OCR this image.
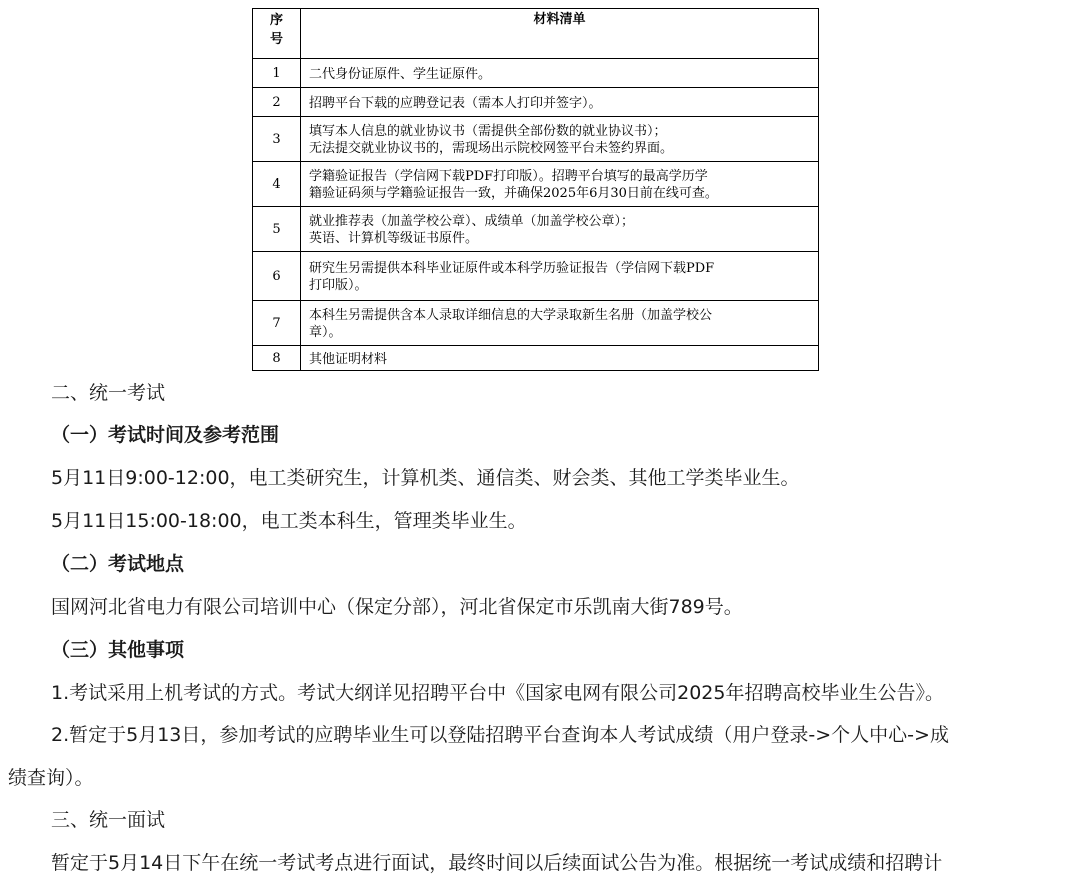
序
号	材料清单
1	二代身份证原件、学生证原件。

2	招聘平台下载的应聘登记表（需本人打印并签字）。

3	填写本人信息的就业协议书（需提供全部份数的就业协议书）；
无法提交就业协议书的，需现场出示院校网签平台未签约界面。

4	学籍验证报告（学信网下载PDF打印版）。招聘平台填写的最高学历学
籍验证码须与学籍验证报告一致，并确保2025年6月30日前在线可查。

5	就业推荐表（加盖学校公章）、成绩单（加盖学校公章）；
英语、计算机等级证书原件。

6	研究生另需提供本科毕业证原件或本科学历验证报告（学信网下载PDF
打印版）。

7	本科生另需提供含本人录取详细信息的大学录取新生名册（加盖学校公
章）。

8	其他证明材料

二、统一考试

（一）考试时间及参考范围

5月11日9:00-12:00，电工类研究生，计算机类、通信类、财会类、其他工学类毕业生。

5月11日15:00-18:00，电工类本科生，管理类毕业生。

（二）考试地点

国网河北省电力有限公司培训中心（保定分部），河北省保定市乐凯南大街789号。

（三）其他事项

1.考试采用上机考试的方式。考试大纲详见招聘平台中《国家电网有限公司2025年招聘高校毕业生公告》。

2.暂定于5月13日，参加考试的应聘毕业生可以登陆招聘平台查询本人考试成绩（用户登录->个人中心->成

绩查询）。

三、统一面试

暂定于5月14日下午在统一考试考点进行面试，最终时间以后续面试公告为准。根据统一考试成绩和招聘计
